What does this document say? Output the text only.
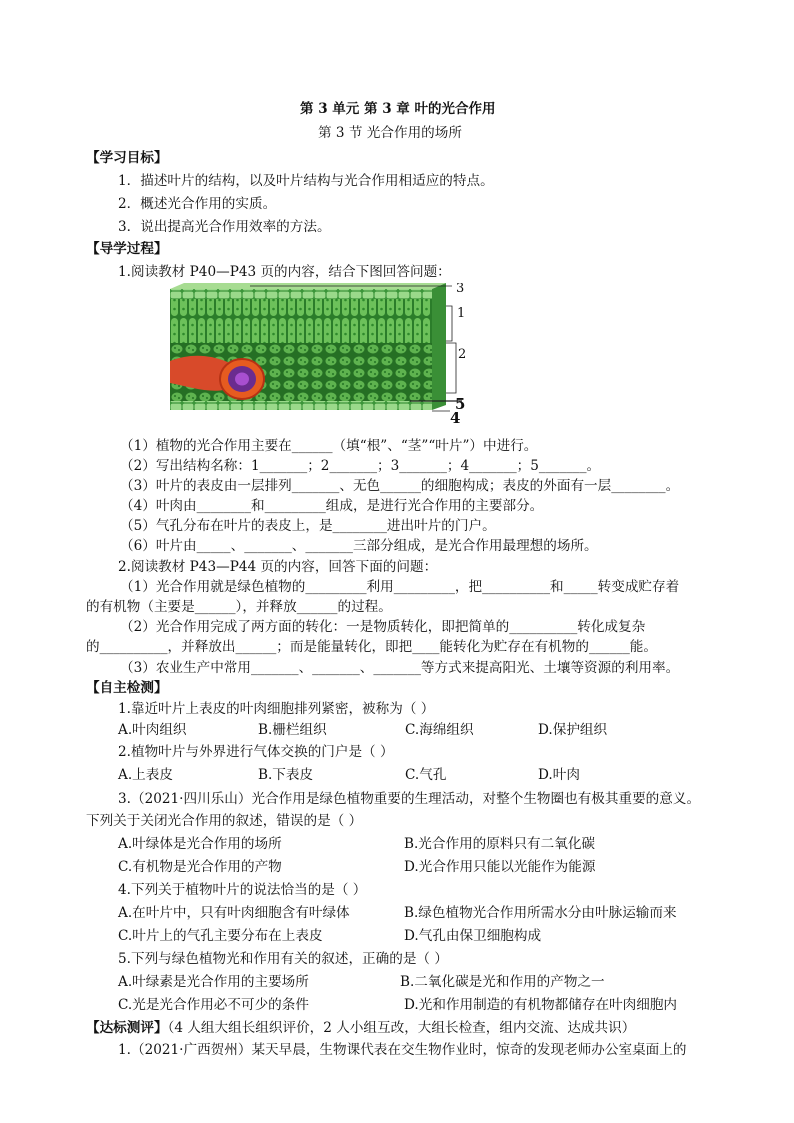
第 3 单元 第 3 章 叶的光合作用
第 3 节 光合作用的场所
【学习目标】
1．描述叶片的结构，以及叶片结构与光合作用相适应的特点。
2．概述光合作用的实质。
3．说出提高光合作用效率的方法。
【导学过程】
1.阅读教材 P40—P43 页的内容，结合下图回答问题：
3
1
2
5
4
（1）植物的光合作用主要在______（填“根”、“茎”“叶片”）中进行。
（2）写出结构名称：1_______；2_______；3_______；4_______；5_______。
（3）叶片的表皮由一层排列_______、无色______的细胞构成；表皮的外面有一层________。
（4）叶肉由________和_________组成，是进行光合作用的主要部分。
（5）气孔分布在叶片的表皮上，是________进出叶片的门户。
（6）叶片由_____、_______、_______三部分组成，是光合作用最理想的场所。
2.阅读教材 P43—P44 页的内容，回答下面的问题：
（1）光合作用就是绿色植物的_________利用_________，把__________和_____转变成贮存着
的有机物（主要是______），并释放______的过程。
（2）光合作用完成了两方面的转化：一是物质转化，即把简单的__________转化成复杂
的__________，并释放出______；而是能量转化，即把____能转化为贮存在有机物的______能。
（3）农业生产中常用_______、_______、_______等方式来提高阳光、土壤等资源的利用率。
【自主检测】
1.靠近叶片上表皮的叶肉细胞排列紧密，被称为（ ）
A.叶肉组织	B.栅栏组织	C.海绵组织	D.保护组织
2.植物叶片与外界进行气体交换的门户是（ ）
A.上表皮	B.下表皮	C.气孔	D.叶肉
3.（2021·四川乐山）光合作用是绿色植物重要的生理活动，对整个生物圈也有极其重要的意义。
下列关于关闭光合作用的叙述，错误的是（ ）
A.叶绿体是光合作用的场所	B.光合作用的原料只有二氧化碳
C.有机物是光合作用的产物	D.光合作用只能以光能作为能源
4.下列关于植物叶片的说法恰当的是（ ）
A.在叶片中，只有叶肉细胞含有叶绿体	B.绿色植物光合作用所需水分由叶脉运输而来
C.叶片上的气孔主要分布在上表皮	D.气孔由保卫细胞构成
5.下列与绿色植物光和作用有关的叙述，正确的是（ ）
A.叶绿素是光合作用的主要场所	B.二氧化碳是光和作用的产物之一
C.光是光合作用必不可少的条件	D.光和作用制造的有机物都储存在叶肉细胞内
【达标测评】（4 人组大组长组织评价，2 人小组互改，大组长检查，组内交流、达成共识）
1.（2021·广西贺州）某天早晨，生物课代表在交生物作业时，惊奇的发现老师办公室桌面上的
